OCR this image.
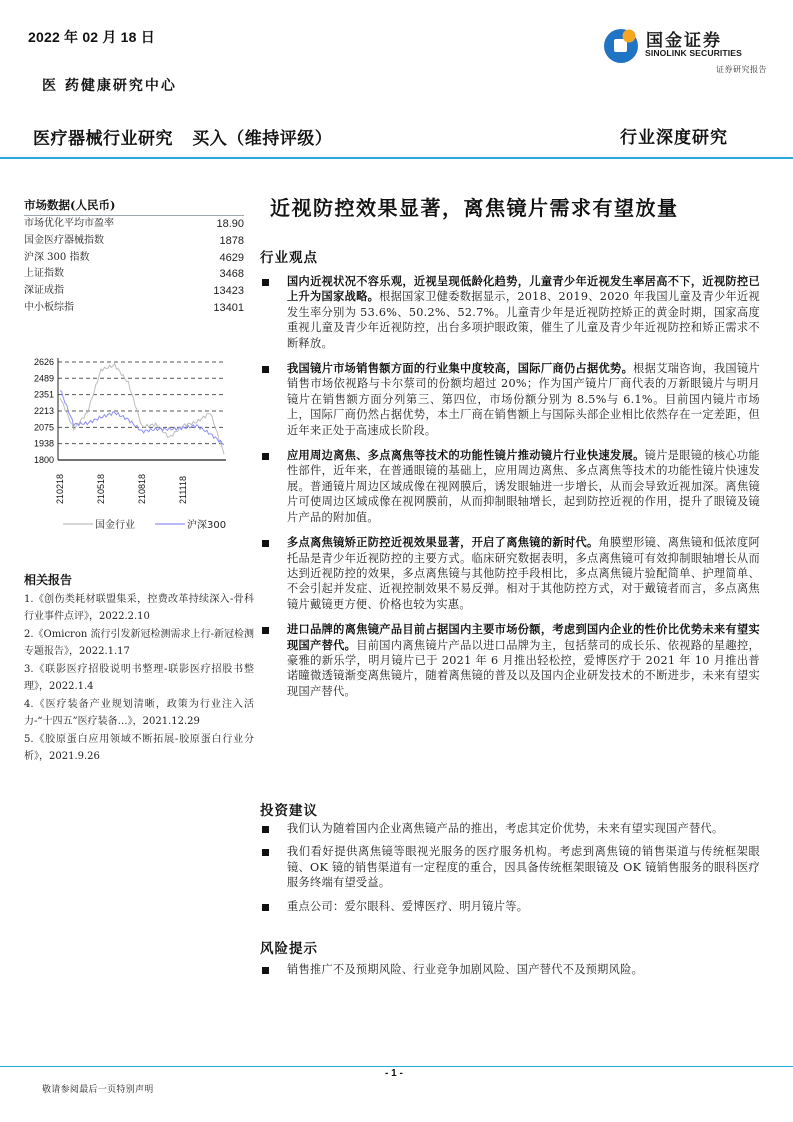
2022 年 02 月 18 日
医 药健康研究中心
医疗器械行业研究   买入（维持评级）	行业深度研究
国金证券
SINOLINK SECURITIES
证券研究报告
市场数据(人民币)
市场优化平均市盈率	18.90
国金医疗器械指数	1878
沪深 300 指数	4629
上证指数	3468
深证成指	13423
中小板综指	13401
2626
2489
2351
2213
2075
1938
1800
210218	210518	210818	211118
国金行业	沪深300
相关报告
1.《创伤类耗材联盟集采，控费改革持续深入-骨科行业事件点评》，2022.2.10
2.《Omicron 流行引发新冠检测需求上行-新冠检测专题报告》，2022.1.17
3.《联影医疗招股说明书整理-联影医疗招股书整理》，2022.1.4
4.《医疗装备产业规划清晰，政策为行业注入活力-“十四五”医疗装备…》，2021.12.29
5.《胶原蛋白应用领域不断拓展-胶原蛋白行业分析》，2021.9.26
近视防控效果显著，离焦镜片需求有望放量
行业观点
国内近视状况不容乐观，近视呈现低龄化趋势，儿童青少年近视发生率居高不下，近视防控已上升为国家战略。根据国家卫健委数据显示，2018、2019、2020 年我国儿童及青少年近视发生率分别为 53.6%、50.2%、52.7%。儿童青少年是近视防控矫正的黄金时期，国家高度重视儿童及青少年近视防控，出台多项护眼政策，催生了儿童及青少年近视防控和矫正需求不断释放。
我国镜片市场销售额方面的行业集中度较高，国际厂商仍占据优势。根据艾瑞咨询，我国镜片销售市场依视路与卡尔蔡司的份额均超过 20%；作为国产镜片厂商代表的万新眼镜片与明月镜片在销售额方面分列第三、第四位，市场份额分别为 8.5%与 6.1%。目前国内镜片市场上，国际厂商仍然占据优势，本土厂商在销售额上与国际头部企业相比依然存在一定差距，但近年来正处于高速成长阶段。
应用周边离焦、多点离焦等技术的功能性镜片推动镜片行业快速发展。镜片是眼镜的核心功能性部件，近年来，在普通眼镜的基础上，应用周边离焦、多点离焦等技术的功能性镜片快速发展。普通镜片周边区域成像在视网膜后，诱发眼轴进一步增长，从而会导致近视加深。离焦镜片可使周边区域成像在视网膜前，从而抑制眼轴增长，起到防控近视的作用，提升了眼镜及镜片产品的附加值。
多点离焦镜矫正防控近视效果显著，开启了离焦镜的新时代。角膜塑形镜、离焦镜和低浓度阿托品是青少年近视防控的主要方式。临床研究数据表明，多点离焦镜可有效抑制眼轴增长从而达到近视防控的效果，多点离焦镜与其他防控手段相比，多点离焦镜片验配简单、护理简单、不会引起并发症、近视控制效果不易反弹。相对于其他防控方式，对于戴镜者而言，多点离焦镜片戴镜更方便、价格也较为实惠。
进口品牌的离焦镜产品目前占据国内主要市场份额，考虑到国内企业的性价比优势未来有望实现国产替代。目前国内离焦镜片产品以进口品牌为主，包括蔡司的成长乐、依视路的星趣控，豪雅的新乐学，明月镜片已于 2021 年 6 月推出轻松控，爱博医疗于 2021 年 10 月推出普诺瞳微透镜渐变离焦镜片，随着离焦镜的普及以及国内企业研发技术的不断进步，未来有望实现国产替代。
投资建议
我们认为随着国内企业离焦镜产品的推出，考虑其定价优势，未来有望实现国产替代。
我们看好提供离焦镜等眼视光服务的医疗服务机构。考虑到离焦镜的销售渠道与传统框架眼镜、OK 镜的销售渠道有一定程度的重合，因具备传统框架眼镜及 OK 镜销售服务的眼科医疗服务终端有望受益。
重点公司：爱尔眼科、爱博医疗、明月镜片等。
风险提示
销售推广不及预期风险、行业竞争加剧风险、国产替代不及预期风险。
- 1 -
敬请参阅最后一页特别声明
